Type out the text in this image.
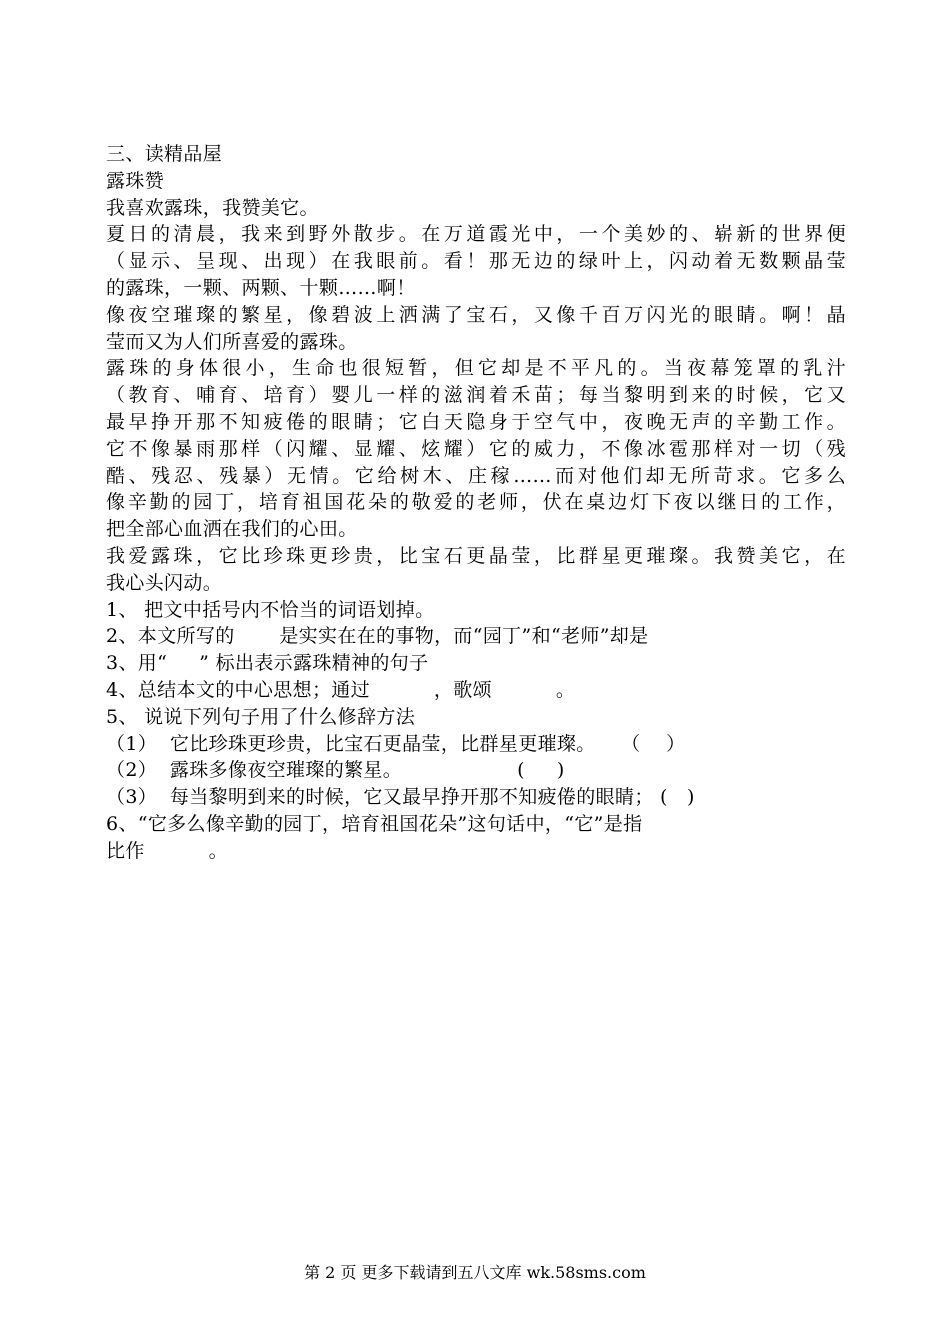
三、读精品屋
露珠赞
我喜欢露珠，我赞美它。
夏日的清晨，我来到野外散步。在万道霞光中，一个美妙的、崭新的世界便
（显示、呈现、出现）在我眼前。看！那无边的绿叶上，闪动着无数颗晶莹
的露珠，一颗、两颗、十颗……啊！
像夜空璀璨的繁星，像碧波上洒满了宝石，又像千百万闪光的眼睛。啊！晶
莹而又为人们所喜爱的露珠。
露珠的身体很小，生命也很短暂，但它却是不平凡的。当夜幕笼罩的乳汁
（教育、哺育、培育）婴儿一样的滋润着禾苗；每当黎明到来的时候，它又
最早挣开那不知疲倦的眼睛；它白天隐身于空气中，夜晚无声的辛勤工作。
它不像暴雨那样（闪耀、显耀、炫耀）它的威力，不像冰雹那样对一切（残
酷、残忍、残暴）无情。它给树木、庄稼……而对他们却无所苛求。它多么
像辛勤的园丁，培育祖国花朵的敬爱的老师，伏在桌边灯下夜以继日的工作，
把全部心血洒在我们的心田。
我爱露珠，它比珍珠更珍贵，比宝石更晶莹，比群星更璀璨。我赞美它，在
我心头闪动。
1、 把文中括号内不恰当的词语划掉。
2、本文所写的       是实实在在的事物，而“园丁”和“老师”却是
3、用“     ” 标出表示露珠精神的句子
4、总结本文的中心思想；通过          ，歌颂          。
5、 说说下列句子用了什么修辞方法
（1）  它比珍珠更珍贵，比宝石更晶莹，比群星更璀璨。    （    ）
（2）  露珠多像夜空璀璨的繁星。                  (     )
（3）  每当黎明到来的时候，它又最早挣开那不知疲倦的眼睛； (   )
6、“它多么像辛勤的园丁，培育祖国花朵”这句话中，“它”是指
比作          。
第 2 页 更多下载请到五八文库 wk.58sms.com
